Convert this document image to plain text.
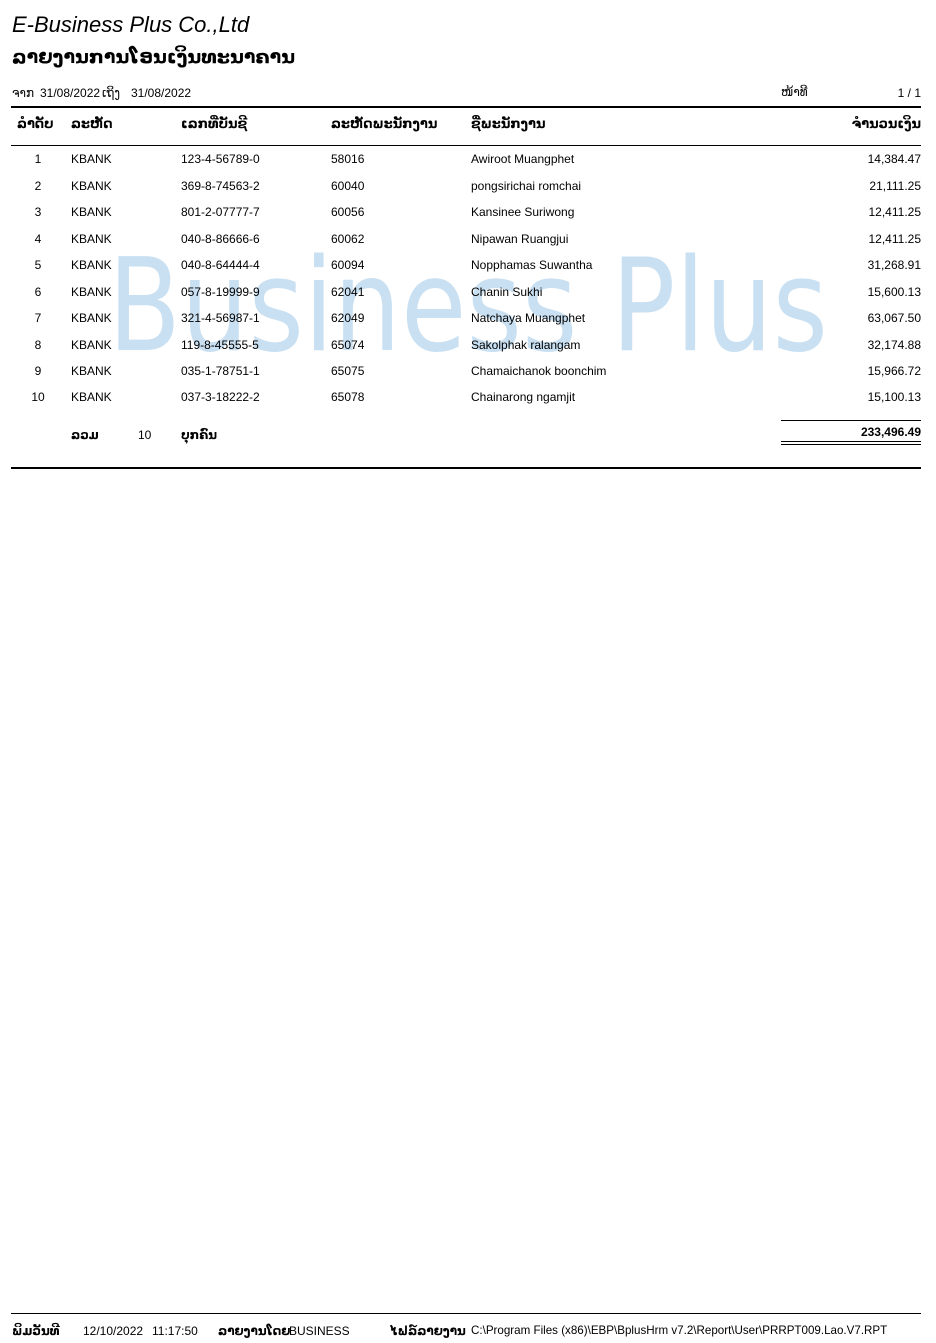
Business Plus
E-Business Plus Co.,Ltd
ລາຍງານການໂອນເງິນທະນາຄານ
ຈາກ 31/08/2022 ເຖິງ 31/08/2022	ໜ້າທີ	1 / 1
ລຳດັບ ລະຫັດ	ເລກທີ່ບັນຊີ	ລະຫັດພະນັກງານ	ຊື່ພະນັກງານ	ຈຳນວນເງິນ
1	KBANK	123-4-56789-0	58016	Awiroot Muangphet	14,384.47
2	KBANK	369-8-74563-2	60040	pongsirichai romchai	21,111.25
3	KBANK	801-2-07777-7	60056	Kansinee Suriwong	12,411.25
4	KBANK	040-8-86666-6	60062	Nipawan Ruangjui	12,411.25
5	KBANK	040-8-64444-4	60094	Nopphamas Suwantha	31,268.91
6	KBANK	057-8-19999-9	62041	Chanin Sukhi	15,600.13
7	KBANK	321-4-56987-1	62049	Natchaya Muangphet	63,067.50
8	KBANK	119-8-45555-5	65074	Sakolphak ralangam	32,174.88
9	KBANK	035-1-78751-1	65075	Chamaichanok boonchim	15,966.72
10	KBANK	037-3-18222-2	65078	Chainarong ngamjit	15,100.13
ລວມ	10 ບຸກຄົນ	233,496.49
ພິມວັນທີ 12/10/2022 11:17:50 ລາຍງານໂດຍ
BUSINESS	ໄຟລ໌ລາຍງານ C:\Program Files (x86)\EBP\BplusHrm v7.2\Report\User\PRRPT009.Lao.V7.RPT
